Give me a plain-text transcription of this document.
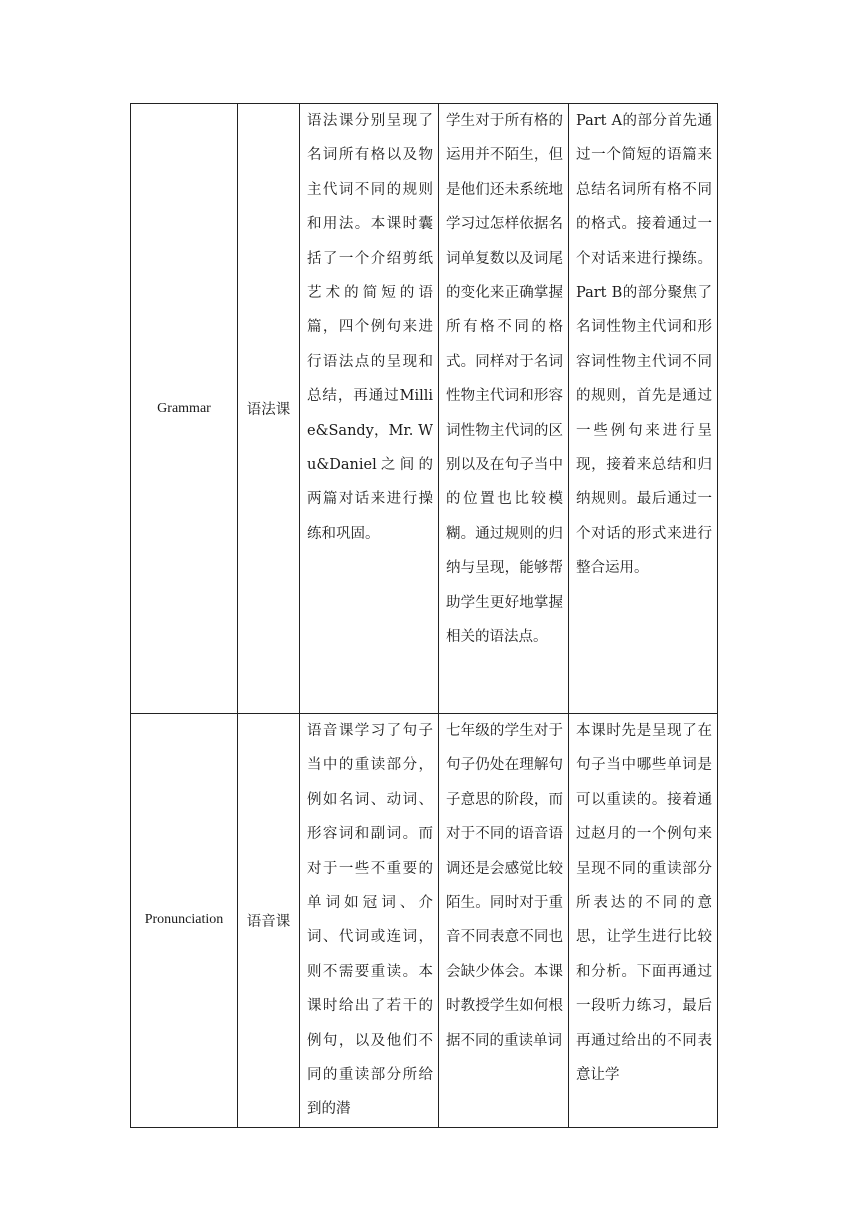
Grammar	语法课	语法课分别呈现了名词所有格以及物主代词不同的规则和用法。本课时囊括了一个介绍剪纸艺术的简短的语篇，四个例句来进行语法点的呈现和总结，再通过Millie&Sandy，Mr. Wu&Daniel之间的两篇对话来进行操练和巩固。	学生对于所有格的运用并不陌生，但是他们还未系统地学习过怎样依据名词单复数以及词尾的变化来正确掌握所有格不同的格式。同样对于名词性物主代词和形容词性物主代词的区别以及在句子当中的位置也比较模糊。通过规则的归纳与呈现，能够帮助学生更好地掌握相关的语法点。	Part A的部分首先通过一个简短的语篇来总结名词所有格不同的格式。接着通过一个对话来进行操练。Part B的部分聚焦了名词性物主代词和形容词性物主代词不同的规则，首先是通过一些例句来进行呈现，接着来总结和归纳规则。最后通过一个对话的形式来进行整合运用。

Pronunciation	语音课	语音课学习了句子当中的重读部分，例如名词、动词、形容词和副词。而对于一些不重要的单词如冠词、介词、代词或连词，则不需要重读。本课时给出了若干的例句，以及他们不同的重读部分所给到的潜	七年级的学生对于句子仍处在理解句子意思的阶段，而对于不同的语音语调还是会感觉比较陌生。同时对于重音不同表意不同也会缺少体会。本课时教授学生如何根据不同的重读单词	本课时先是呈现了在句子当中哪些单词是可以重读的。接着通过赵月的一个例句来呈现不同的重读部分所表达的不同的意思，让学生进行比较和分析。下面再通过一段听力练习，最后再通过给出的不同表意让学
